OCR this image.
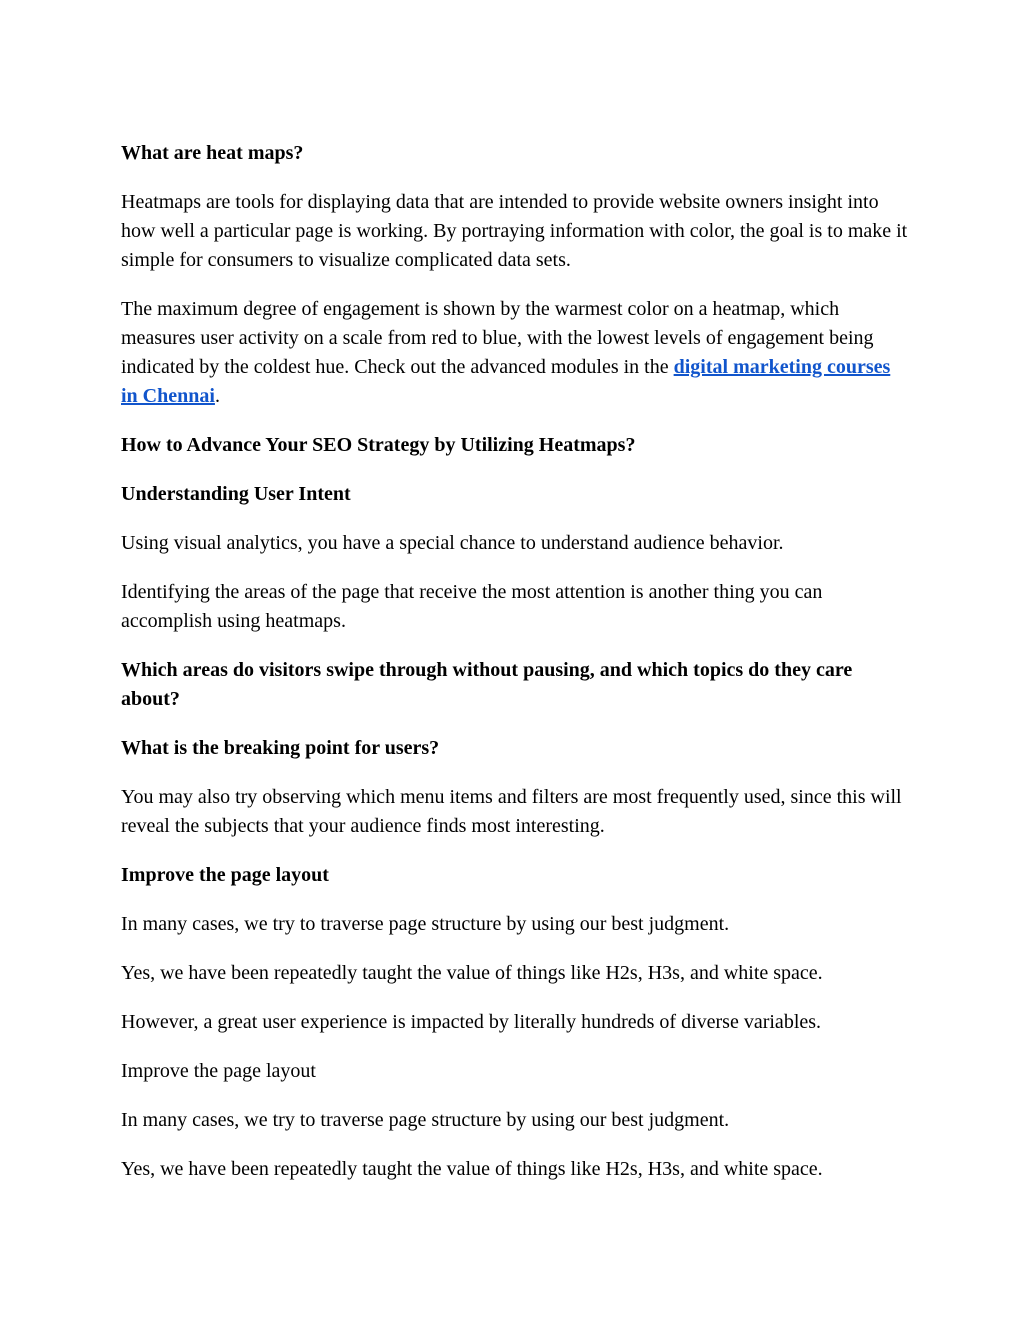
What are heat maps?
Heatmaps are tools for displaying data that are intended to provide website owners insight into how well a particular page is working. By portraying information with color, the goal is to make it simple for consumers to visualize complicated data sets.
The maximum degree of engagement is shown by the warmest color on a heatmap, which measures user activity on a scale from red to blue, with the lowest levels of engagement being indicated by the coldest hue. Check out the advanced modules in the digital marketing courses in Chennai.
How to Advance Your SEO Strategy by Utilizing Heatmaps?
Understanding User Intent
Using visual analytics, you have a special chance to understand audience behavior.
Identifying the areas of the page that receive the most attention is another thing you can accomplish using heatmaps.
Which areas do visitors swipe through without pausing, and which topics do they care about?
What is the breaking point for users?
You may also try observing which menu items and filters are most frequently used, since this will reveal the subjects that your audience finds most interesting.
Improve the page layout
In many cases, we try to traverse page structure by using our best judgment.
Yes, we have been repeatedly taught the value of things like H2s, H3s, and white space.
However, a great user experience is impacted by literally hundreds of diverse variables.
Improve the page layout
In many cases, we try to traverse page structure by using our best judgment.
Yes, we have been repeatedly taught the value of things like H2s, H3s, and white space.
